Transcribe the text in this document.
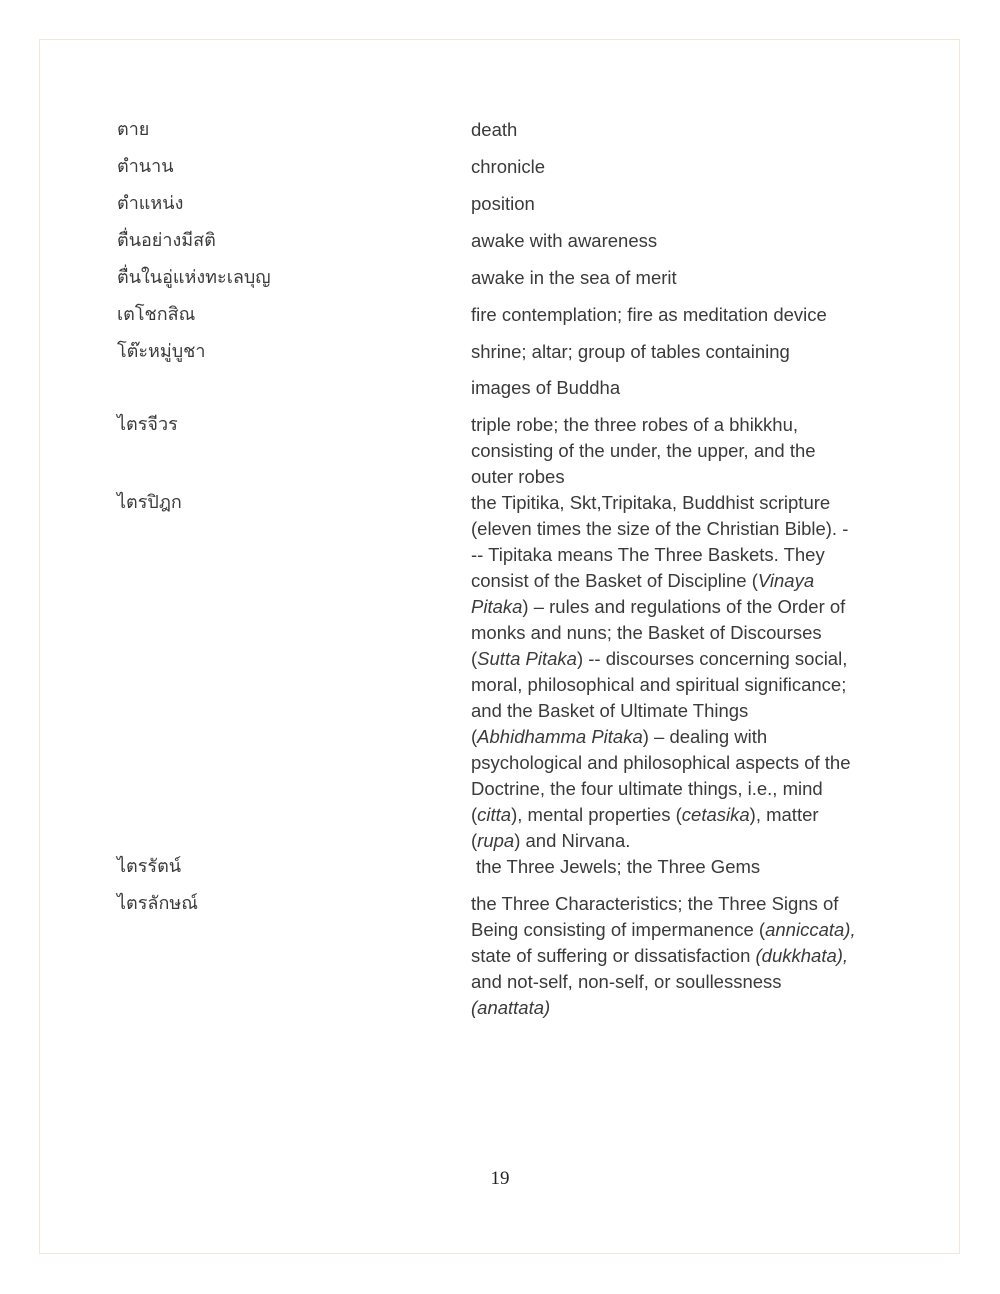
ตาย	death
ตำนาน	chronicle
ตำแหน่ง	position
ตื่นอย่างมีสติ	awake with awareness
ตื่นในอู่แห่งทะเลบุญ	awake in the sea of merit
เตโชกสิณ	fire contemplation; fire as meditation device
โต๊ะหมู่บูชา	shrine; altar; group of tables containing
images of Buddha
ไตรจีวร	triple robe; the three robes of a bhikkhu,
consisting of the under, the upper, and the
outer robes
ไตรปิฎก	the Tipitika, Skt,Tripitaka, Buddhist scripture
(eleven times the size of the Christian Bible). -
-- Tipitaka means The Three Baskets. They
consist of the Basket of Discipline (Vinaya
Pitaka) – rules and regulations of the Order of
monks and nuns; the Basket of Discourses
(Sutta Pitaka) -- discourses concerning social,
moral, philosophical and spiritual significance;
and the Basket of Ultimate Things
(Abhidhamma Pitaka) – dealing with
psychological and philosophical aspects of the
Doctrine, the four ultimate things, i.e., mind
(citta), mental properties (cetasika), matter
(rupa) and Nirvana.
ไตรรัตน์	the Three Jewels; the Three Gems
ไตรลักษณ์	the Three Characteristics; the Three Signs of
Being consisting of impermanence (anniccata),
state of suffering or dissatisfaction (dukkhata),
and not-self, non-self, or soullessness
(anattata)
19
